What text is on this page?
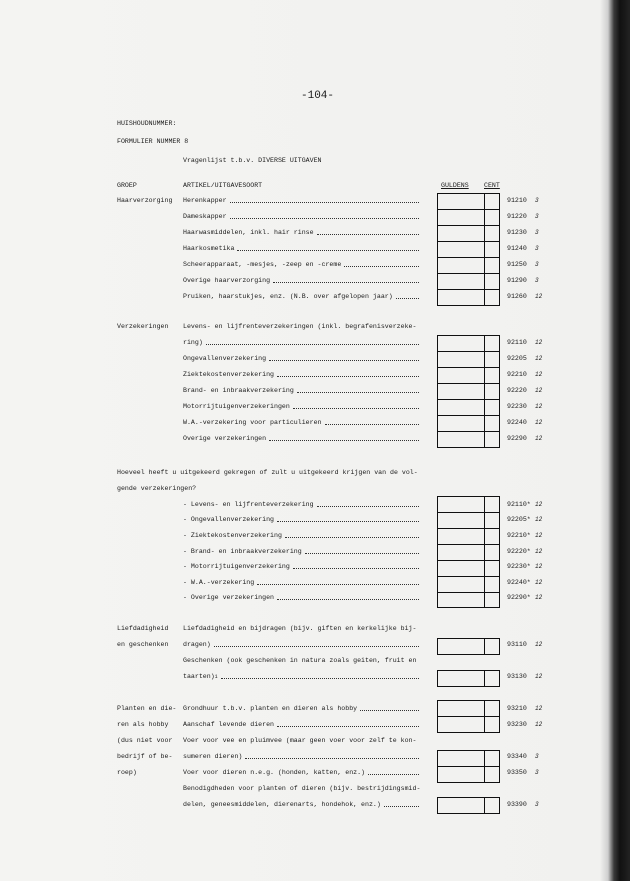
-104-
HUISHOUDNUMMER:
FORMULIER NUMMER 8
Vragenlijst t.b.v. DIVERSE UITGAVEN
GROEP	ARTIKEL/UITGAVESOORT	GULDENS CENT
Haarverzorging Herenkapper	91210 3
Dameskapper	91220 3
Haarwasmiddelen, inkl. hair rinse	91230 3
Haarkosmetika	91240 3
Scheerapparaat, -mesjes, -zeep en -creme	91250 3
Overige haarverzorging	91290 3
Pruiken, haarstukjes, enz. (N.B. over afgelopen jaar)	91260 12
Verzekeringen Levens- en lijfrenteverzekeringen (inkl. begrafenisverzeke-
ring)	92110 12
Ongevallenverzekering	92205 12
Ziektekostenverzekering	92210 12
Brand- en inbraakverzekering	92220 12
Motorrijtuigenverzekeringen	92230 12
W.A.-verzekering voor particulieren	92240 12
Overige verzekeringen	92290 12
Hoeveel heeft u uitgekeerd gekregen of zult u uitgekeerd krijgen van de vol-
gende verzekeringen?
- Levens- en lijfrenteverzekering	92110* 12
- Ongevallenverzekering	92205* 12
- Ziektekostenverzekering	92210* 12
- Brand- en inbraakverzekering	92220* 12
- Motorrijtuigenverzekering	92230* 12
- W.A.-verzekering	92240* 12
- Overige verzekeringen	92290* 12
Liefdadigheid
en geschenken
Liefdadigheid en bijdragen (bijv. giften en kerkelijke bij-
dragen)	93110 12
Geschenken (ook geschenken in natura zoals geiten, fruit en
taarten) 1	93130 12
Planten en die-
ren als hobby
(dus niet voor
bedrijf of be-
roep)
Grondhuur t.b.v. planten en dieren als hobby	93210 12
Aanschaf levende dieren	93230 12
Voer voor vee en pluimvee (maar geen voer voor zelf te kon-
sumeren dieren)	93340 3
Voer voor dieren n.e.g. (honden, katten, enz.)	93350 3
Benodigdheden voor planten of dieren (bijv. bestrijdingsmid-
delen, geneesmiddelen, dierenarts, hondehok, enz.)	93390 3
